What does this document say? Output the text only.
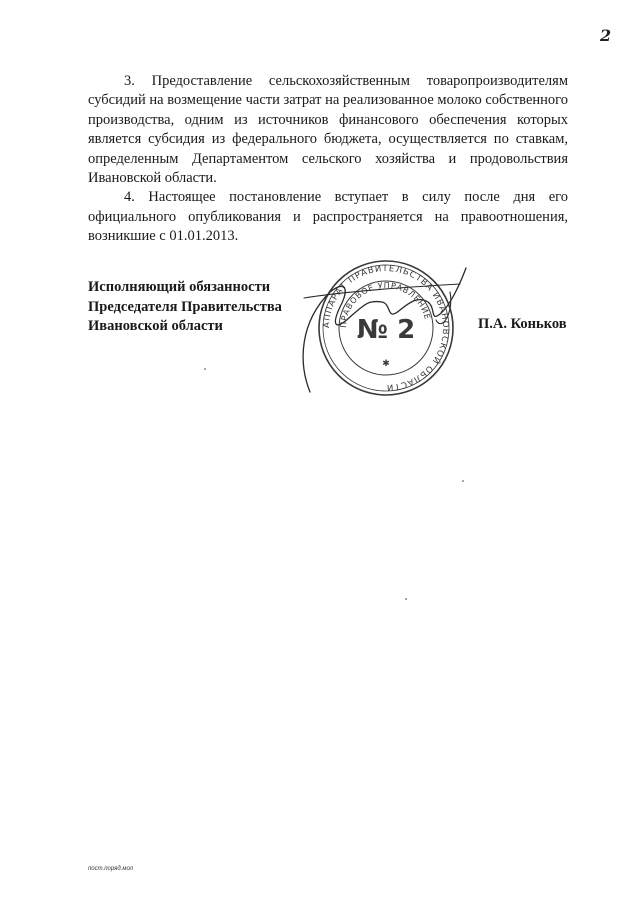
2

3. Предоставление сельскохозяйственным товаропроизводителям субсидий на возмещение части затрат на реализованное молоко собственного производства, одним из источников финансового обеспечения которых является субсидия из федерального бюджета, осуществляется по ставкам, определенным Департаментом сельского хозяйства и продовольствия Ивановской области.

4. Настоящее постановление вступает в силу после дня его официального опубликования и распространяется на правоотношения, возникшие с 01.01.2013.

Исполняющий обязанности
Председателя Правительства
Ивановской области	П.А. Коньков
АППАРАТ ПРАВИТЕЛЬСТВА ИВАНОВСКОЙ ОБЛАСТИ
ПРАВОВОЕ УПРАВЛЕНИЕ
№ 2
✱
пост.поряд.мол
